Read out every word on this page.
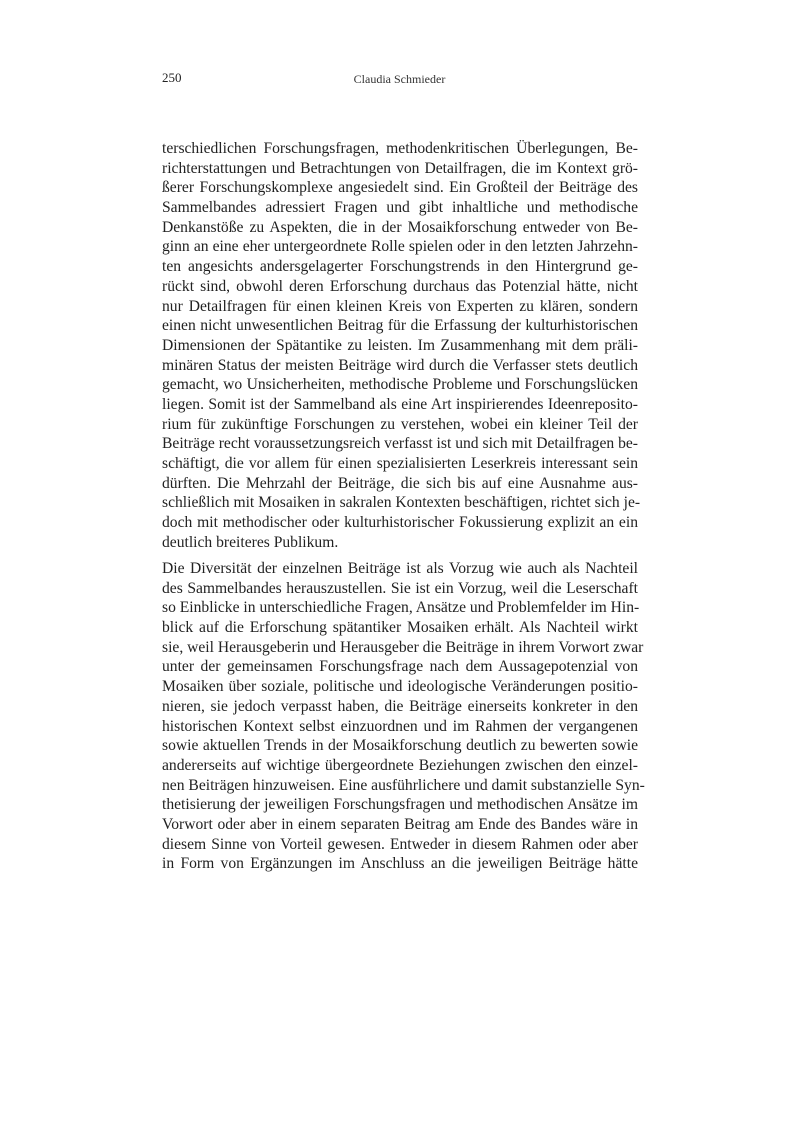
250	Claudia Schmieder
terschiedlichen Forschungsfragen, methodenkritischen Überlegungen, Be-
richterstattungen und Betrachtungen von Detailfragen, die im Kontext grö-
ßerer Forschungskomplexe angesiedelt sind. Ein Großteil der Beiträge des
Sammelbandes adressiert Fragen und gibt inhaltliche und methodische
Denkanstöße zu Aspekten, die in der Mosaikforschung entweder von Be-
ginn an eine eher untergeordnete Rolle spielen oder in den letzten Jahrzehn-
ten angesichts andersgelagerter Forschungstrends in den Hintergrund ge-
rückt sind, obwohl deren Erforschung durchaus das Potenzial hätte, nicht
nur Detailfragen für einen kleinen Kreis von Experten zu klären, sondern
einen nicht unwesentlichen Beitrag für die Erfassung der kulturhistorischen
Dimensionen der Spätantike zu leisten. Im Zusammenhang mit dem präli-
minären Status der meisten Beiträge wird durch die Verfasser stets deutlich
gemacht, wo Unsicherheiten, methodische Probleme und Forschungslücken
liegen. Somit ist der Sammelband als eine Art inspirierendes Ideenreposito-
rium für zukünftige Forschungen zu verstehen, wobei ein kleiner Teil der
Beiträge recht voraussetzungsreich verfasst ist und sich mit Detailfragen be-
schäftigt, die vor allem für einen spezialisierten Leserkreis interessant sein
dürften. Die Mehrzahl der Beiträge, die sich bis auf eine Ausnahme aus-
schließlich mit Mosaiken in sakralen Kontexten beschäftigen, richtet sich je-
doch mit methodischer oder kulturhistorischer Fokussierung explizit an ein
deutlich breiteres Publikum.
Die Diversität der einzelnen Beiträge ist als Vorzug wie auch als Nachteil
des Sammelbandes herauszustellen. Sie ist ein Vorzug, weil die Leserschaft
so Einblicke in unterschiedliche Fragen, Ansätze und Problemfelder im Hin-
blick auf die Erforschung spätantiker Mosaiken erhält. Als Nachteil wirkt
sie, weil Herausgeberin und Herausgeber die Beiträge in ihrem Vorwort zwar
unter der gemeinsamen Forschungsfrage nach dem Aussagepotenzial von
Mosaiken über soziale, politische und ideologische Veränderungen positio-
nieren, sie jedoch verpasst haben, die Beiträge einerseits konkreter in den
historischen Kontext selbst einzuordnen und im Rahmen der vergangenen
sowie aktuellen Trends in der Mosaikforschung deutlich zu bewerten sowie
andererseits auf wichtige übergeordnete Beziehungen zwischen den einzel-
nen Beiträgen hinzuweisen. Eine ausführlichere und damit substanzielle Syn-
thetisierung der jeweiligen Forschungsfragen und methodischen Ansätze im
Vorwort oder aber in einem separaten Beitrag am Ende des Bandes wäre in
diesem Sinne von Vorteil gewesen. Entweder in diesem Rahmen oder aber
in Form von Ergänzungen im Anschluss an die jeweiligen Beiträge hätte
